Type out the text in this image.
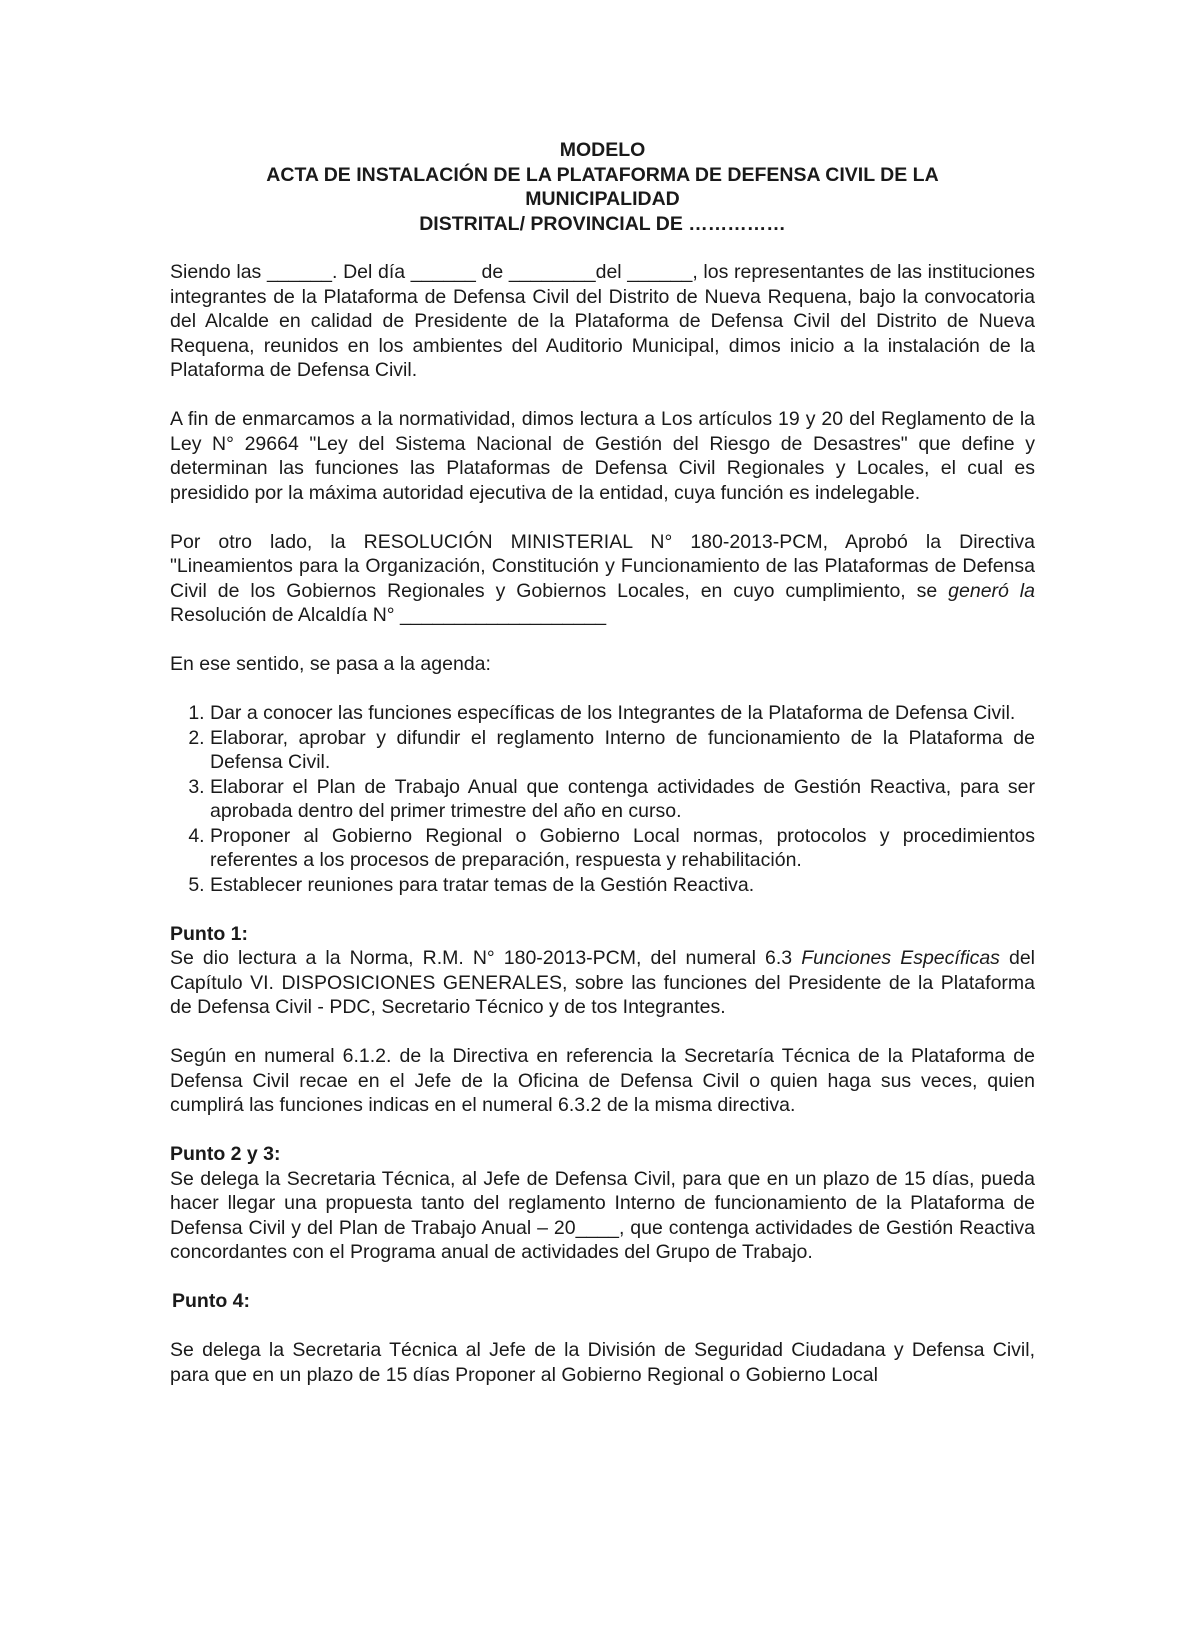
MODELO
ACTA DE INSTALACIÓN DE LA PLATAFORMA DE DEFENSA CIVIL DE LA
MUNICIPALIDAD
DISTRITAL/ PROVINCIAL DE ……………

Siendo las ______. Del día ______ de ________del ______, los representantes de las instituciones integrantes de la Plataforma de Defensa Civil del Distrito de Nueva Requena, bajo la convocatoria del Alcalde en calidad de Presidente de la Plataforma de Defensa Civil del Distrito de Nueva Requena, reunidos en los ambientes del Auditorio Municipal, dimos inicio a la instalación de la Plataforma de Defensa Civil.

A fin de enmarcamos a la normatividad, dimos lectura a Los artículos 19 y 20 del Reglamento de la Ley N° 29664 "Ley del Sistema Nacional de Gestión del Riesgo de Desastres" que define y determinan las funciones las Plataformas de Defensa Civil Regionales y Locales, el cual es presidido por la máxima autoridad ejecutiva de la entidad, cuya función es indelegable.

Por otro lado, la RESOLUCIÓN MINISTERIAL N° 180-2013-PCM, Aprobó la Directiva "Lineamientos para la Organización, Constitución y Funcionamiento de las Plataformas de Defensa Civil de los Gobiernos Regionales y Gobiernos Locales, en cuyo cumplimiento, se generó la Resolución de Alcaldía N° ___________________

En ese sentido, se pasa a la agenda:

1. Dar a conocer las funciones específicas de los Integrantes de la Plataforma de Defensa Civil.
2. Elaborar, aprobar y difundir el reglamento Interno de funcionamiento de la Plataforma de Defensa Civil.
3. Elaborar el Plan de Trabajo Anual que contenga actividades de Gestión Reactiva, para ser aprobada dentro del primer trimestre del año en curso.
4. Proponer al Gobierno Regional o Gobierno Local normas, protocolos y procedimientos referentes a los procesos de preparación, respuesta y rehabilitación.
5. Establecer reuniones para tratar temas de la Gestión Reactiva.

Punto 1:

Se dio lectura a la Norma, R.M. N° 180-2013-PCM, del numeral 6.3 Funciones Específicas del Capítulo VI. DISPOSICIONES GENERALES, sobre las funciones del Presidente de la Plataforma de Defensa Civil - PDC, Secretario Técnico y de tos Integrantes.

Según en numeral 6.1.2. de la Directiva en referencia la Secretaría Técnica de la Plataforma de Defensa Civil recae en el Jefe de la Oficina de Defensa Civil o quien haga sus veces, quien cumplirá las funciones indicas en el numeral 6.3.2 de la misma directiva.

Punto 2 y 3:

Se delega la Secretaria Técnica, al Jefe de Defensa Civil, para que en un plazo de 15 días, pueda hacer llegar una propuesta tanto del reglamento Interno de funcionamiento de la Plataforma de Defensa Civil y del Plan de Trabajo Anual – 20____, que contenga actividades de Gestión Reactiva concordantes con el Programa anual de actividades del Grupo de Trabajo.

Punto 4:

Se delega la Secretaria Técnica al Jefe de la División de Seguridad Ciudadana y Defensa Civil, para que en un plazo de 15 días Proponer al Gobierno Regional o Gobierno Local
